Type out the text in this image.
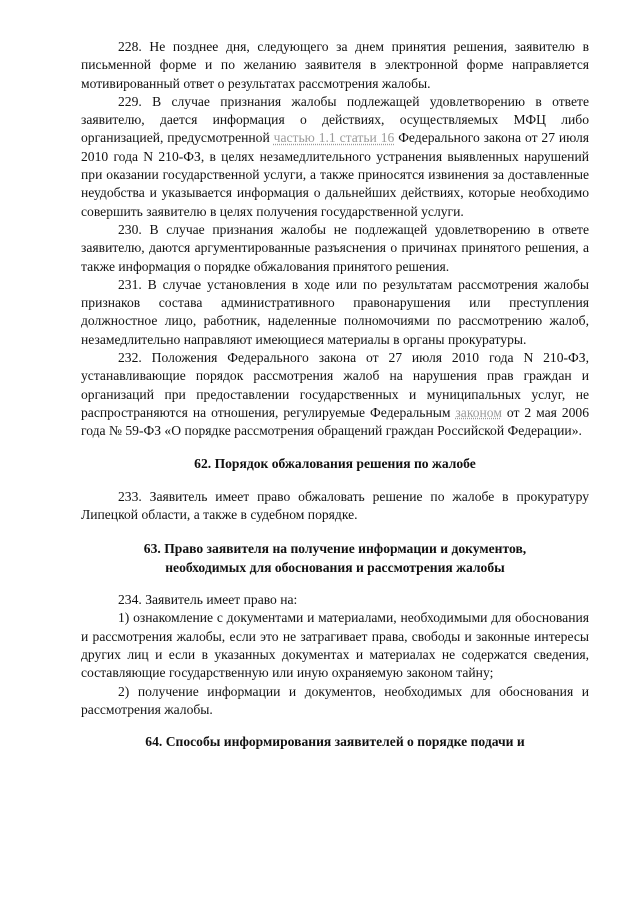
228. Не позднее дня, следующего за днем принятия решения, заявителю в письменной форме и по желанию заявителя в электронной форме направляется мотивированный ответ о результатах рассмотрения жалобы.

229. В случае признания жалобы подлежащей удовлетворению в ответе заявителю, дается информация о действиях, осуществляемых МФЦ либо организацией, предусмотренной частью 1.1 статьи 16 Федерального закона от 27 июля 2010 года N 210-ФЗ, в целях незамедлительного устранения выявленных нарушений при оказании государственной услуги, а также приносятся извинения за доставленные неудобства и указывается информация о дальнейших действиях, которые необходимо совершить заявителю в целях получения государственной услуги.

230. В случае признания жалобы не подлежащей удовлетворению в ответе заявителю, даются аргументированные разъяснения о причинах принятого решения, а также информация о порядке обжалования принятого решения.

231. В случае установления в ходе или по результатам рассмотрения жалобы признаков состава административного правонарушения или преступления должностное лицо, работник, наделенные полномочиями по рассмотрению жалоб, незамедлительно направляют имеющиеся материалы в органы прокуратуры.

232. Положения Федерального закона от 27 июля 2010 года N 210-ФЗ, устанавливающие порядок рассмотрения жалоб на нарушения прав граждан и организаций при предоставлении государственных и муниципальных услуг, не распространяются на отношения, регулируемые Федеральным законом от 2 мая 2006 года № 59-ФЗ «О порядке рассмотрения обращений граждан Российской Федерации».

62. Порядок обжалования решения по жалобе

233. Заявитель имеет право обжаловать решение по жалобе в прокуратуру Липецкой области, а также в судебном порядке.

63. Право заявителя на получение информации и документов,
необходимых для обоснования и рассмотрения жалобы

234. Заявитель имеет право на:

1) ознакомление с документами и материалами, необходимыми для обоснования и рассмотрения жалобы, если это не затрагивает права, свободы и законные интересы других лиц и если в указанных документах и материалах не содержатся сведения, составляющие государственную или иную охраняемую законом тайну;

2) получение информации и документов, необходимых для обоснования и рассмотрения жалобы.

64. Способы информирования заявителей о порядке подачи и
